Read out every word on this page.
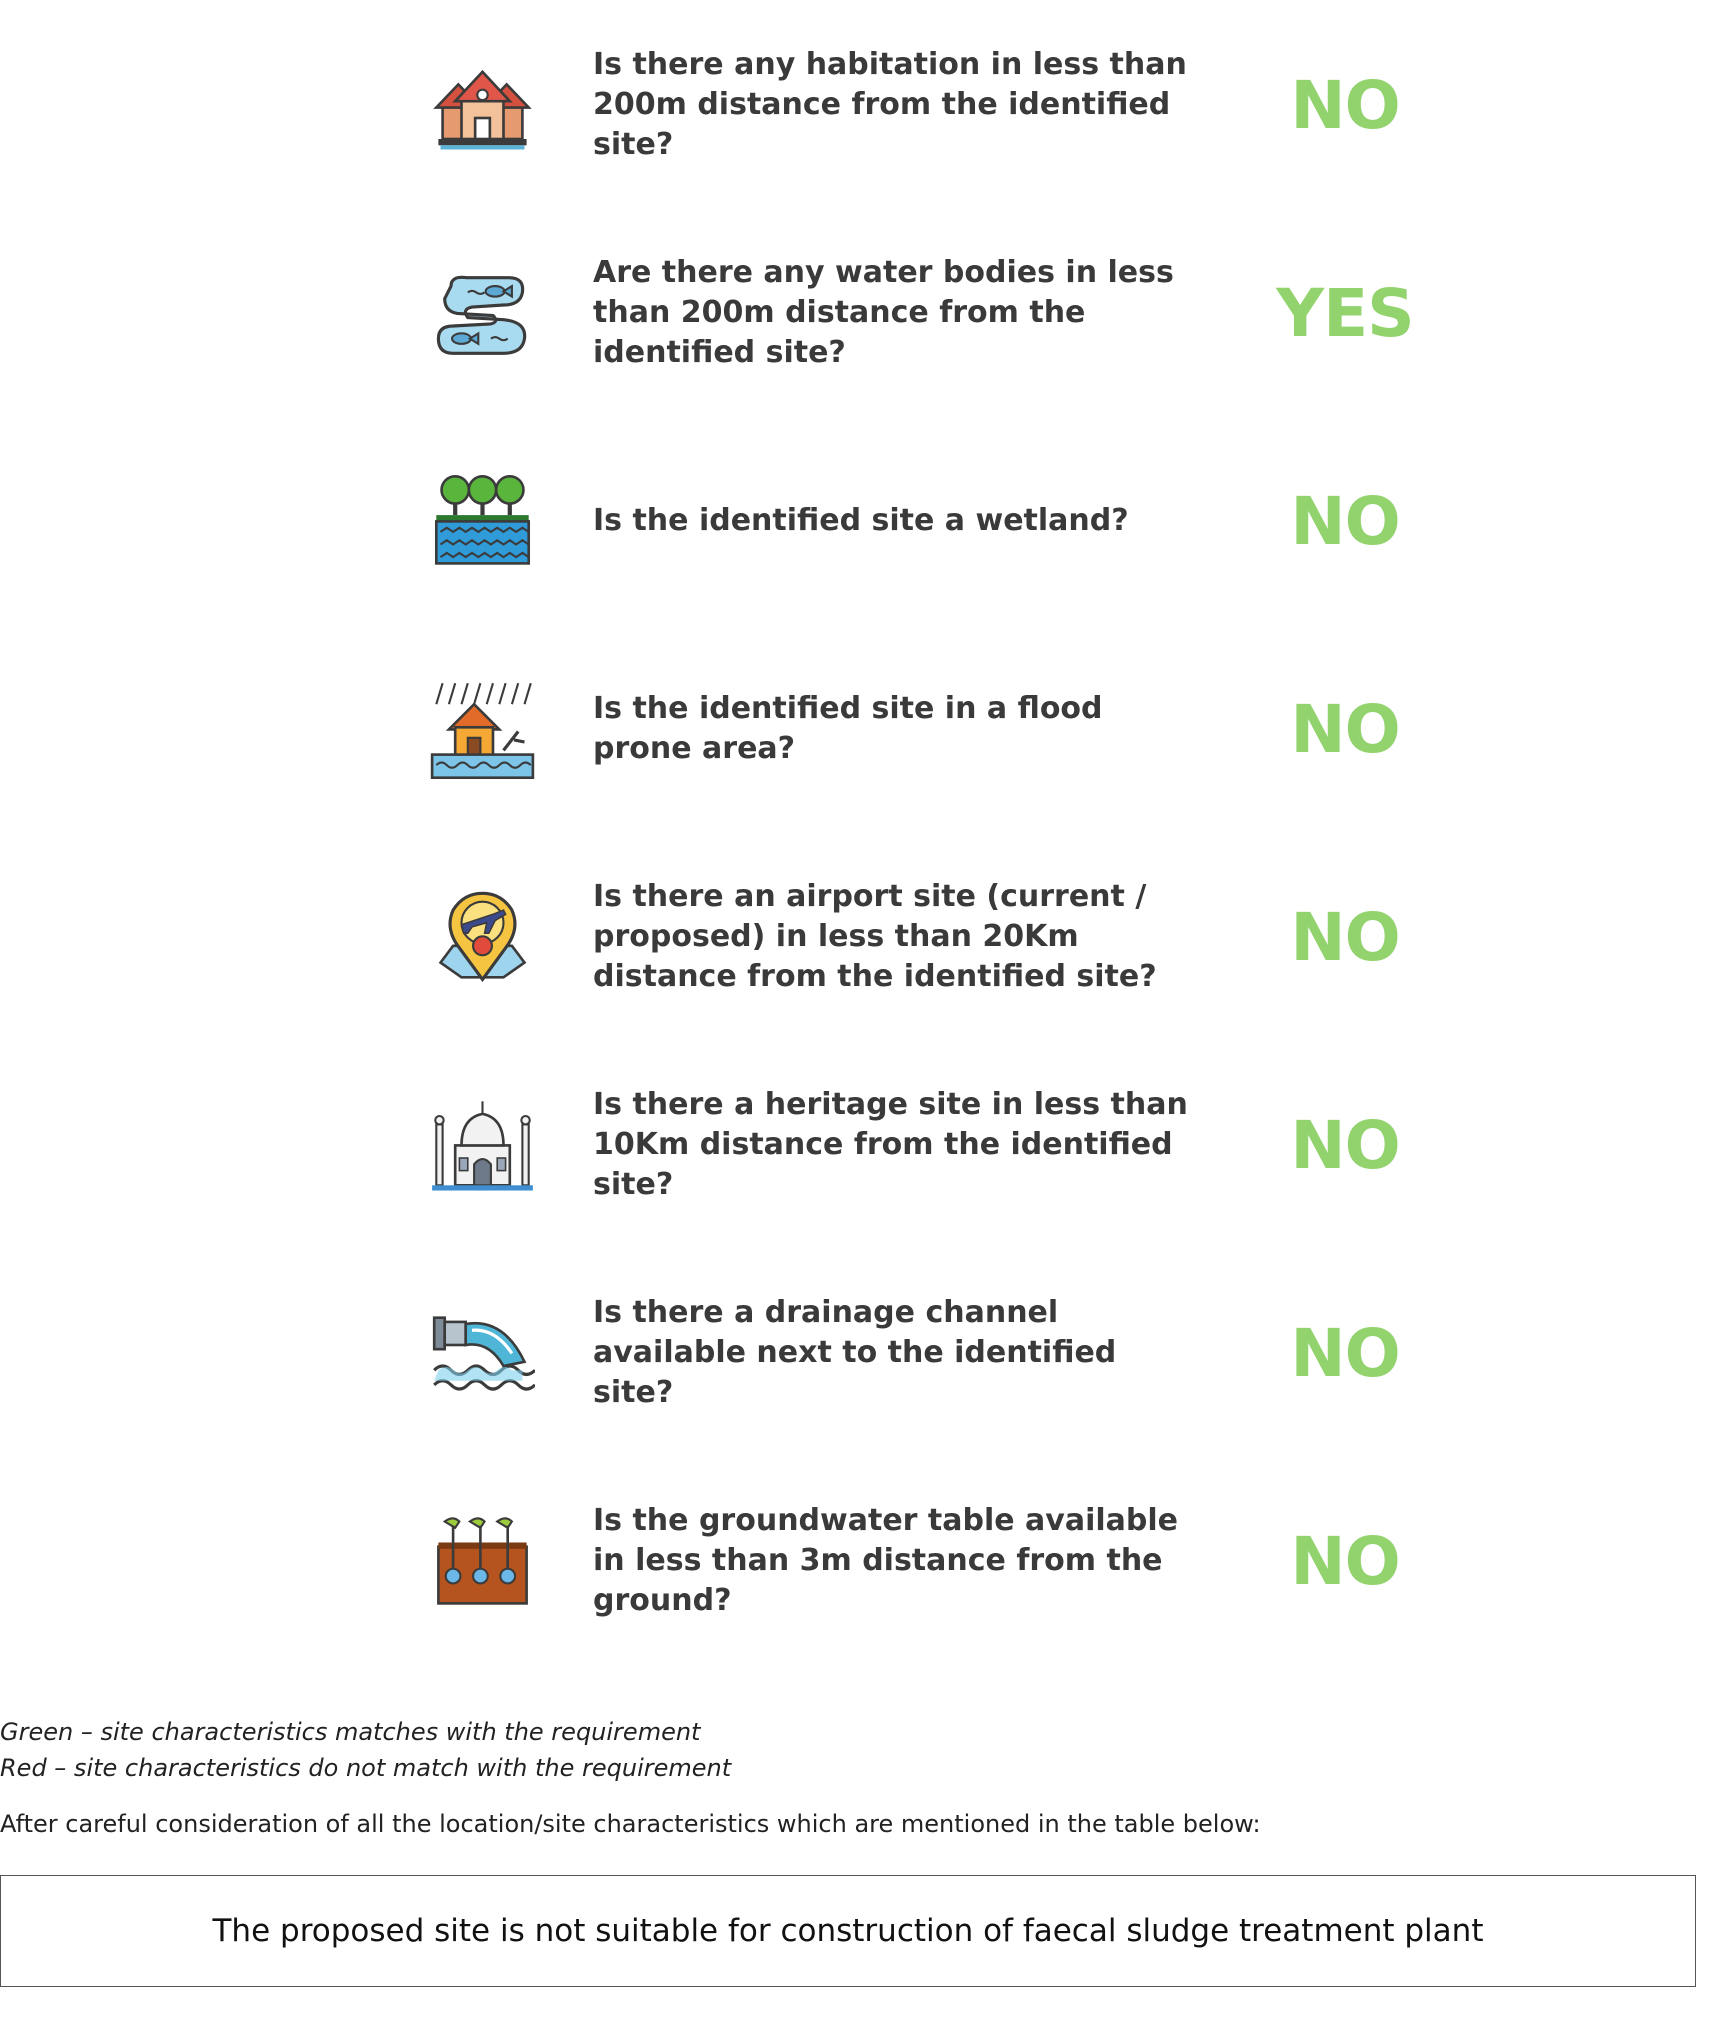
Is there any habitation in less than 200m distance from the identified site?
NO
Are there any water bodies in less than 200m distance from the identified site?
YES
Is the identified site a wetland?	NO
Is the identified site in a flood prone area?	NO
Is there an airport site (current / proposed) in less than 20Km distance from the identified site?
NO
Is there a heritage site in less than 10Km distance from the identified site?
NO
Is there a drainage channel available next to the identified site?
NO
Is the groundwater table available in less than 3m distance from the ground?
NO
Green – site characteristics matches with the requirement
Red – site characteristics do not match with the requirement
After careful consideration of all the location/site characteristics which are mentioned in the table below:
The proposed site is not suitable for construction of faecal sludge treatment plant
